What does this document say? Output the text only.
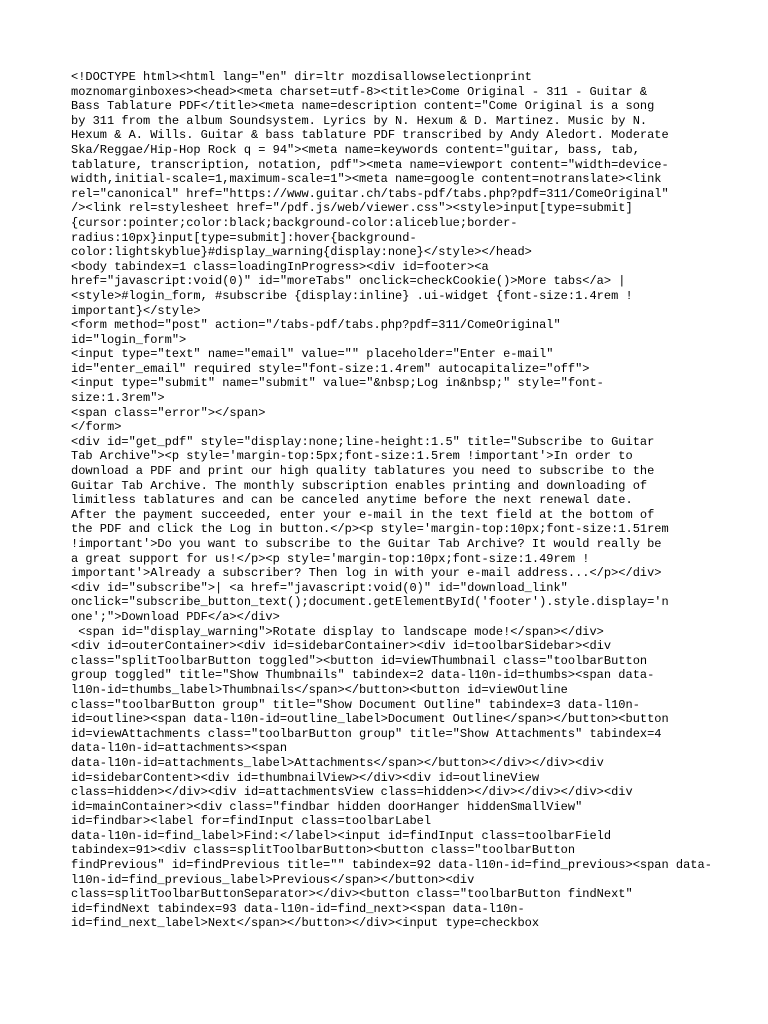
<!DOCTYPE html><html lang="en" dir=ltr mozdisallowselectionprint
moznomarginboxes><head><meta charset=utf-8><title>Come Original - 311 - Guitar &
Bass Tablature PDF</title><meta name=description content="Come Original is a song
by 311 from the album Soundsystem. Lyrics by N. Hexum & D. Martinez. Music by N.
Hexum & A. Wills. Guitar & bass tablature PDF transcribed by Andy Aledort. Moderate
Ska/Reggae/Hip-Hop Rock q = 94"><meta name=keywords content="guitar, bass, tab,
tablature, transcription, notation, pdf"><meta name=viewport content="width=device-
width,initial-scale=1,maximum-scale=1"><meta name=google content=notranslate><link
rel="canonical" href="https://www.guitar.ch/tabs-pdf/tabs.php?pdf=311/ComeOriginal"
/><link rel=stylesheet href="/pdf.js/web/viewer.css"><style>input[type=submit]
{cursor:pointer;color:black;background-color:aliceblue;border-
radius:10px}input[type=submit]:hover{background-
color:lightskyblue}#display_warning{display:none}</style></head>
<body tabindex=1 class=loadingInProgress><div id=footer><a
href="javascript:void(0)" id="moreTabs" onclick=checkCookie()>More tabs</a> |
<style>#login_form, #subscribe {display:inline} .ui-widget {font-size:1.4rem !
important}</style>
<form method="post" action="/tabs-pdf/tabs.php?pdf=311/ComeOriginal"
id="login_form">
<input type="text" name="email" value="" placeholder="Enter e-mail"
id="enter_email" required style="font-size:1.4rem" autocapitalize="off">
<input type="submit" name="submit" value="&nbsp;Log in&nbsp;" style="font-
size:1.3rem">
<span class="error"></span>
</form>
<div id="get_pdf" style="display:none;line-height:1.5" title="Subscribe to Guitar
Tab Archive"><p style='margin-top:5px;font-size:1.5rem !important'>In order to
download a PDF and print our high quality tablatures you need to subscribe to the
Guitar Tab Archive. The monthly subscription enables printing and downloading of
limitless tablatures and can be canceled anytime before the next renewal date.
After the payment succeeded, enter your e-mail in the text field at the bottom of
the PDF and click the Log in button.</p><p style='margin-top:10px;font-size:1.51rem
!important'>Do you want to subscribe to the Guitar Tab Archive? It would really be
a great support for us!</p><p style='margin-top:10px;font-size:1.49rem !
important'>Already a subscriber? Then log in with your e-mail address...</p></div>
<div id="subscribe">| <a href="javascript:void(0)" id="download_link"
onclick="subscribe_button_text();document.getElementById('footer').style.display='n
one';">Download PDF</a></div>
<span id="display_warning">Rotate display to landscape mode!</span></div>
<div id=outerContainer><div id=sidebarContainer><div id=toolbarSidebar><div
class="splitToolbarButton toggled"><button id=viewThumbnail class="toolbarButton
group toggled" title="Show Thumbnails" tabindex=2 data-l10n-id=thumbs><span data-
l10n-id=thumbs_label>Thumbnails</span></button><button id=viewOutline
class="toolbarButton group" title="Show Document Outline" tabindex=3 data-l10n-
id=outline><span data-l10n-id=outline_label>Document Outline</span></button><button
id=viewAttachments class="toolbarButton group" title="Show Attachments" tabindex=4
data-l10n-id=attachments><span
data-l10n-id=attachments_label>Attachments</span></button></div></div><div
id=sidebarContent><div id=thumbnailView></div><div id=outlineView
class=hidden></div><div id=attachmentsView class=hidden></div></div></div><div
id=mainContainer><div class="findbar hidden doorHanger hiddenSmallView"
id=findbar><label for=findInput class=toolbarLabel
data-l10n-id=find_label>Find:</label><input id=findInput class=toolbarField
tabindex=91><div class=splitToolbarButton><button class="toolbarButton
findPrevious" id=findPrevious title="" tabindex=92 data-l10n-id=find_previous><span data-
l10n-id=find_previous_label>Previous</span></button><div
class=splitToolbarButtonSeparator></div><button class="toolbarButton findNext"
id=findNext tabindex=93 data-l10n-id=find_next><span data-l10n-
id=find_next_label>Next</span></button></div><input type=checkbox
